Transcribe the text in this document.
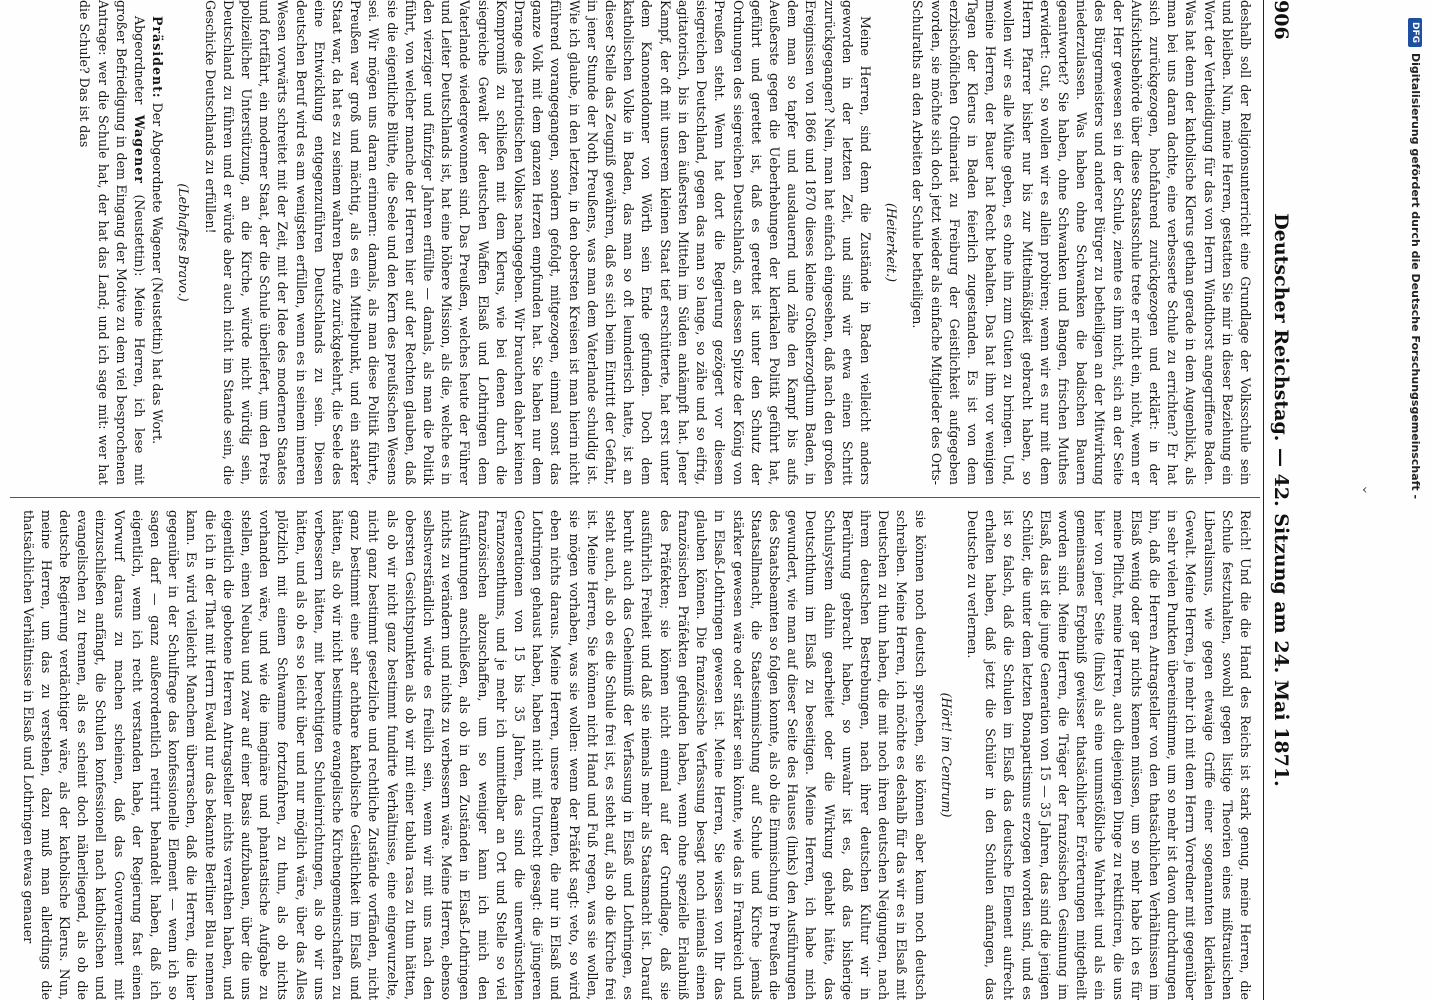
906
Deutscher Reichstag. — 42. Sitzung am 24. Mai 1871.

deshalb soll der Religionsunterricht eine Grundlage der Volksschule sein und bleiben. Nun, meine Herren, gestatten Sie mir in dieser Beziehung ein Wort der Vertheidigung für das von Herrn Windthorst angegriffene Baden. Was hat denn der katholische Klerus gethan gerade in dem Augenblick, als man bei uns daran dachte, eine verbesserte Schule zu errichten? Er hat sich zurückgezogen, hochfahrend zurückgezogen und erklärt: in der Aufsichtsbehörde über diese Staatsschule trete er nicht ein, nicht, wenn er der Herr gewesen sei in der Schule, ziemte es ihm nicht, sich an der Seite des Bürgermeisters und anderer Bürger zu betheiligen an der Mitwirkung niederzulassen. Was haben ohne Schwanken die badischen Bauern geantwortet? Sie haben, ohne Schwanken und Bangen, frischen Muthes erwidert: Gut, so wollen wir es allein probiren; wenn wir es nur mit dem Herrn Pfarrer bisher nur bis zur Mittelmäßigkeit gebracht haben, so wollen wir es alle Mühe geben, es ohne ihn zum Guten zu bringen. Und, meine Herren, der Bauer hat Recht behalten. Das hat ihm vor wenigen Tagen der Klerus in Baden feierlich zugestanden. Es ist von dem erzbischöflichen Ordinariat zu Freiburg der Geistlichkeit aufgegeben worden, sie möchte sich doch jetzt wieder als einfache Mitglieder des Orts-Schulraths an den Arbeiten der Schule betheiligen.

(Heiterkeit.)

Meine Herren, sind denn die Zustände in Baden vielleicht anders geworden in der letzten Zeit, und sind wir etwa einen Schritt zurückgegangen? Nein, man hat einfach eingesehen, daß nach den großen Ereignissen von 1866 und 1870 dieses kleine Großherzogthum Baden, in dem man so tapfer und ausdauernd und zähe den Kampf bis aufs Aeußerste gegen die Ueberhebungen der klerikalen Politik geführt hat, geführt und gerettet ist, daß es gerettet ist unter den Schutz der Ordnungen des siegreichen Deutschlands, an dessen Spitze der König von Preußen steht. Wenn hat dort die Regierung gezögert vor diesem siegreichen Deutschland, gegen das man so lange, so zähe und so eifrig, agitatorisch, bis in den äußersten Mitteln im Süden ankämpft hat. Jener Kampf, der oft mit unserem kleinen Staat tief erschütterte, hat erst unter dem Kanonendonner von Wörth sein Ende gefunden. Doch dem katholischen Volke in Baden, das man so oft leumderisch hatte, ist an dieser Stelle das Zeugniß gewähren, daß es sich beim Eintritt der Gefahr, in jener Stunde der Noth Preußens, was man dem Vaterlande schuldig ist. Wie ich glaube, in den letzten, in den obersten Kreisen ist man hierin nicht führend vorangegangen, sondern gefolgt, mitgezogen, einmal sonst das ganze Volk mit dem ganzen Herzen empfunden hat. Sie haben nur dem Drange des patriotischen Volkes nachgegeben. Wir brauchen daher keinen Kompromiß zu schließen mit dem Klerus, wie bei denen durch die siegreiche Gewalt der deutschen Waffen Elsaß und Lothringen dem Vaterlande wiedergewonnen sind. Das Preußen, welches heute der Führer und Leiter Deutschlands ist, hat eine höhere Mission, als die, welche es in den vierziger und fünfziger Jahren erfüllte — damals, als man die Politik führt, von welcher manche der Herren hier auf der Rechten glauben, daß sie die eigentliche Blüthe, die Seele und den Kern des preußischen Wesens sei. Wir mögen uns daran erinnern: damals, als man diese Politik führte, Preußen war groß und mächtig, als es ein Mittelpunkt, und ein starker Staat war, da hat es zu seinem wahren Berufe zurückgekehrt, die Seele des eine Entwicklung entgegenzuführen Deutschlands zu sein. Diesen deutschen Beruf wird es am wenigsten erfüllen, wenn es in seinem inneren Wesen vorwärts schreitet mit der Zeit, mit der Idee des modernen Staates und fortfährt, ein moderner Staat, der die Schule überliefert, um den Preis polizeilicher Unterstützung, an die Kirche, würde nicht würdig sein, Deutschland zu führen und er würde aber auch nicht im Stande sein, die Geschicke Deutschlands zu erfüllen!

(Lebhaftes Bravo.)

Präsident: Der Abgeordnete Wagener (Neustettin) hat das Wort.

Abgeordneter Wagener (Neustettin): Meine Herren, ich lese mit großer Befriedigung in dem Eingang der Motive zu dem viel besprochenen Antrage: wer die Schule hat, der hat das Land; und ich sage mit: wer hat die Schule? Das ist das

Reich! Und die die Hand des Reichs ist stark genug, meine Herren, die Schule festzuhalten, sowohl gegen listige Theorien eines mißtrauischen Liberalismus, wie gegen etwaige Griffe einer sogenannten klerikalen Gewalt. Meine Herren, je mehr ich mit dem Herrn Vorredner mit gegenüber in sehr vielen Punkten übereinstimme, um so mehr ist davon durchdrungen bin, daß die Herren Antragsteller von den thatsächlichen Verhältnissen im Elsaß wenig oder gar nichts kennen müssen, um so mehr habe ich es für meine Pflicht, meine Herren, auch diejenigen Dinge zu rektificiren, die uns hier von jener Seite (links) als eine unumstößliche Wahrheit und als ein gemeinsames Ergebniß gewisser thatsächlicher Erörterungen mitgetheilt worden sind. Meine Herren, die Träger der französischen Gesinnung im Elsaß, das ist die junge Generation von 15 — 35 Jahren, das sind die jenigen Schüler, die unter dem letzten Bonapartismus erzogen worden sind, und es ist so falsch, daß die Schulen im Elsaß das deutsche Element aufrecht erhalten haben, daß jetzt die Schüler in den Schulen anfangen, das Deutsche zu verlernen.

(Hört! im Centrum)

sie können noch deutsch sprechen, sie können aber kaum noch deutsch schreiben. Meine Herren, ich möchte es deshalb für das wir es in Elsaß mit Deutschen zu thun haben, die mit noch ihren deutschen Neigungen, nach ihrem deutschen Bestrebungen, nach ihrer deutschen Kultur wir in Berührung gebracht haben, so unwahr ist es, daß das bisherige Schulsystem dahin gearbeitet oder die Wirkung gehabt hätte, das Deutschthum im Elsaß zu beseitigen. Meine Herren, ich habe mich gewundert, wie man auf dieser Seite des Hauses (links) den Ausführungen des Staatsbeamten so folgen konnte, als ob die Einmischung in Preußen die Staatsallmacht, die Staatseinmischung auf Schule und Kirche jemals stärker gewesen wäre oder stärker sein könnte, wie das in Frankreich und in Elsaß-Lothringen gewesen ist. Meine Herren, Sie wissen von Ihr das glauben können. Die französische Verfassung besagt noch niemals einen französischen Präfekten gefunden haben, wenn ohne spezielle Erlaubniß des Präfekten; sie können nicht einmal auf der Grundlage, daß sie ausführlich Freiheit und daß sie niemals mehr als Staatsmacht ist. Darauf beruht auch das Geheimniß der Verfassung in Elsaß und Lothringen, es steht auch, als ob es die Schule frei ist, es steht auf, als ob die Kirche frei ist. Meine Herren, Sie können nicht Hand und Fuß regen, was sie wollen, sie mögen vorhaben, was sie wollen: wenn der Präfekt sagt: veto, so wird eben nichts daraus. Meine Herren, unsere Beamten, die nur in Elsaß und Lothringen gehaust haben, haben nicht mit Unrecht gesagt: die jüngeren Generationen von 15 bis 35 Jahren, das sind die unerwünschten Franzosenthums, und je mehr ich unmittelbar an Ort und Stelle so viel französischen abzuschaffen, um so weniger kann ich mich den Ausführungen anschließen, als ob in den Zuständen in Elsaß-Lothringen nichts zu verändern und nichts zu verbessern wäre. Meine Herren, ebenso selbstverständlich würde es freilich sein, wenn wir mit uns nach den obersten Gesichtspunkten als ob wir mit einer tabula rasa zu thun hätten, als ob wir nicht ganz bestimmt fundirte Verhältnisse, eine eingewurzelte, nicht ganz bestimmt gesetzliche und rechtliche Zustände vorfänden, nicht ganz bestimmt eine sehr achtbare katholische Geistlichkeit im Elsaß und hätten, als ob wir nicht bestimmte evangelische Kirchengemeinschaften zu verbessern hätten, mit berechtigten Schuleinrichtungen, als ob wir uns hätten, und als ob es so leicht über und nur möglich wäre, über das Alles plötzlich mit einem Schwamme fortzufahren, zu thun, als ob nichts vorhanden wäre, und wie die imaginäre und phantastische Aufgabe zu stellen, einen Neubau und zwar auf einer Basis aufzubauen, über die uns eigentlich die gebotene Herren Antragsteller nichts verrathen haben, und die ich in der That mit Herrn Ewald nur das bekannte Berliner Blau nennen kann. Es wird vielleicht Manchem überraschen, daß die Herren, die hier gegenüber in der Schulfrage das konfessionelle Element — wenn ich so sagen darf — ganz außerordentlich retirirt behandelt haben, daß ich eigentlich, wenn ich recht verstanden habe, der Regierung fast einen Vorwurf daraus zu machen scheinen, daß das Gouvernement mit einzuschließen anfängt, die Schulen konfessionell nach katholischen und evangelischen zu trennen, als es scheint doch näherliegend, als ob die deutsche Regierung verdächtiger wäre, als der katholische Klerus. Nun, meine Herren, um das zu verstehen, dazu muß man allerdings die thatsächlichen Verhältnisse in Elsaß und Lothringen etwas genauer

‹
DFG
Digitalisierung gefördert durch die Deutsche Forschungsgemeinschaft -
